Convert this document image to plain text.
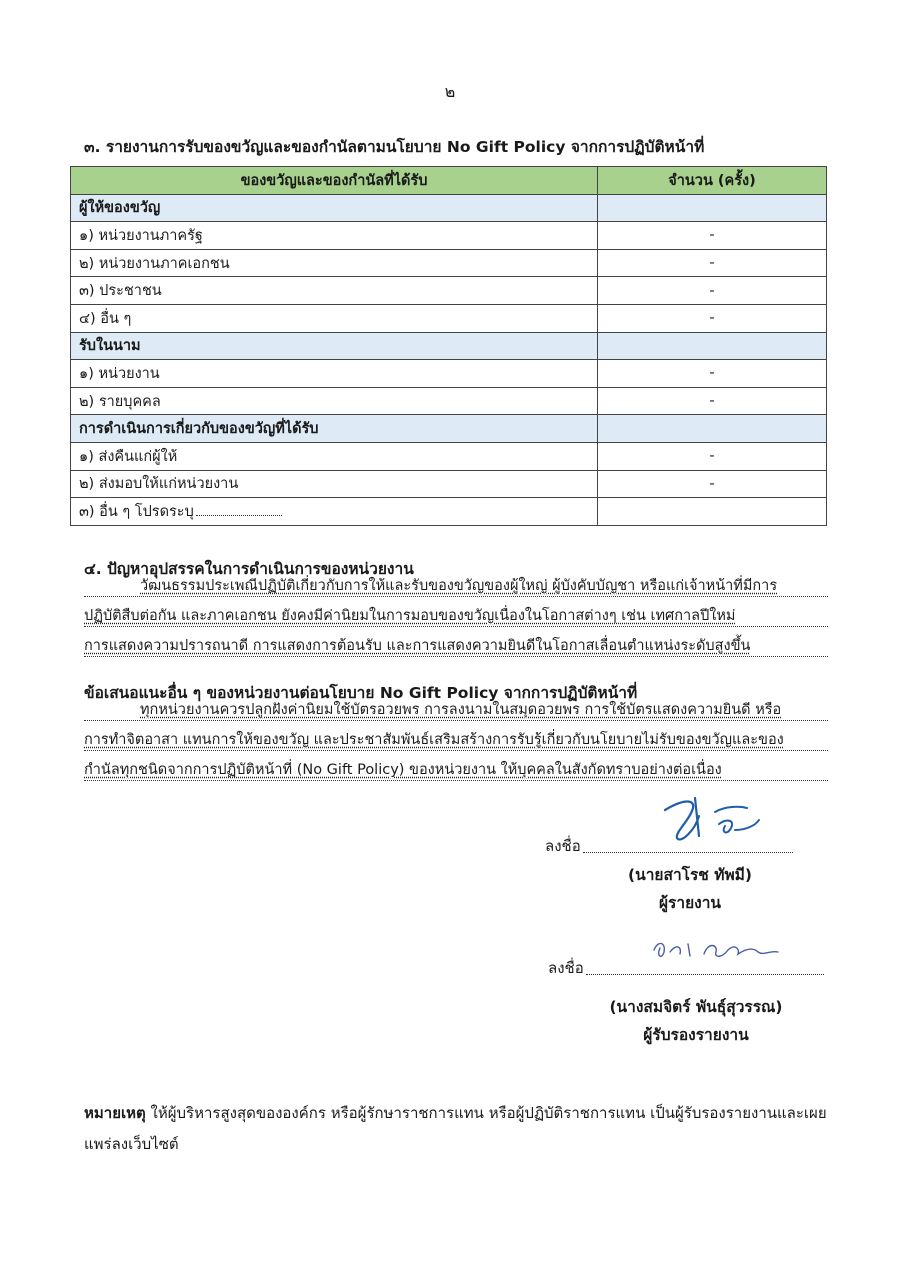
๒
๓. รายงานการรับของขวัญและของกำนัลตามนโยบาย No Gift Policy จากการปฏิบัติหน้าที่
ของขวัญและของกำนัลที่ได้รับ	จำนวน (ครั้ง)
ผู้ให้ของขวัญ	
๑) หน่วยงานภาครัฐ	-
๒) หน่วยงานภาคเอกชน	-
๓) ประชาชน	-
๔) อื่น ๆ	-
รับในนาม	
๑) หน่วยงาน	-
๒) รายบุคคล	-
การดำเนินการเกี่ยวกับของขวัญที่ได้รับ	
๑) ส่งคืนแก่ผู้ให้	-
๒) ส่งมอบให้แก่หน่วยงาน	-
๓) อื่น ๆ โปรดระบุ	
๔. ปัญหาอุปสรรคในการดำเนินการของหน่วยงาน
วัฒนธรรมประเพณีปฏิบัติเกี่ยวกับการให้และรับของขวัญของผู้ใหญ่ ผู้บังคับบัญชา หรือแก่เจ้าหน้าที่มีการ
ปฏิบัติสืบต่อกัน และภาคเอกชน ยังคงมีค่านิยมในการมอบของขวัญเนื่องในโอกาสต่างๆ เช่น เทศกาลปีใหม่
การแสดงความปรารถนาดี การแสดงการต้อนรับ และการแสดงความยินดีในโอกาสเลื่อนตำแหน่งระดับสูงขึ้น
ข้อเสนอแนะอื่น ๆ ของหน่วยงานต่อนโยบาย No Gift Policy จากการปฏิบัติหน้าที่
ทุกหน่วยงานควรปลูกฝังค่านิยมใช้บัตรอวยพร การลงนามในสมุดอวยพร การใช้บัตรแสดงความยินดี หรือ
การทำจิตอาสา แทนการให้ของขวัญ และประชาสัมพันธ์เสริมสร้างการรับรู้เกี่ยวกับนโยบายไม่รับของขวัญและของ
กำนัลทุกชนิดจากการปฏิบัติหน้าที่ (No Gift Policy) ของหน่วยงาน ให้บุคคลในสังกัดทราบอย่างต่อเนื่อง
ลงชื่อ
(นายสาโรช ทัพมี)
ผู้รายงาน
ลงชื่อ
(นางสมจิตร์ พันธุ์สุวรรณ)
ผู้รับรองรายงาน
หมายเหตุ ให้ผู้บริหารสูงสุดขององค์กร หรือผู้รักษาราชการแทน หรือผู้ปฏิบัติราชการแทน เป็นผู้รับรองรายงานและเผยแพร่ลงเว็บไซต์
